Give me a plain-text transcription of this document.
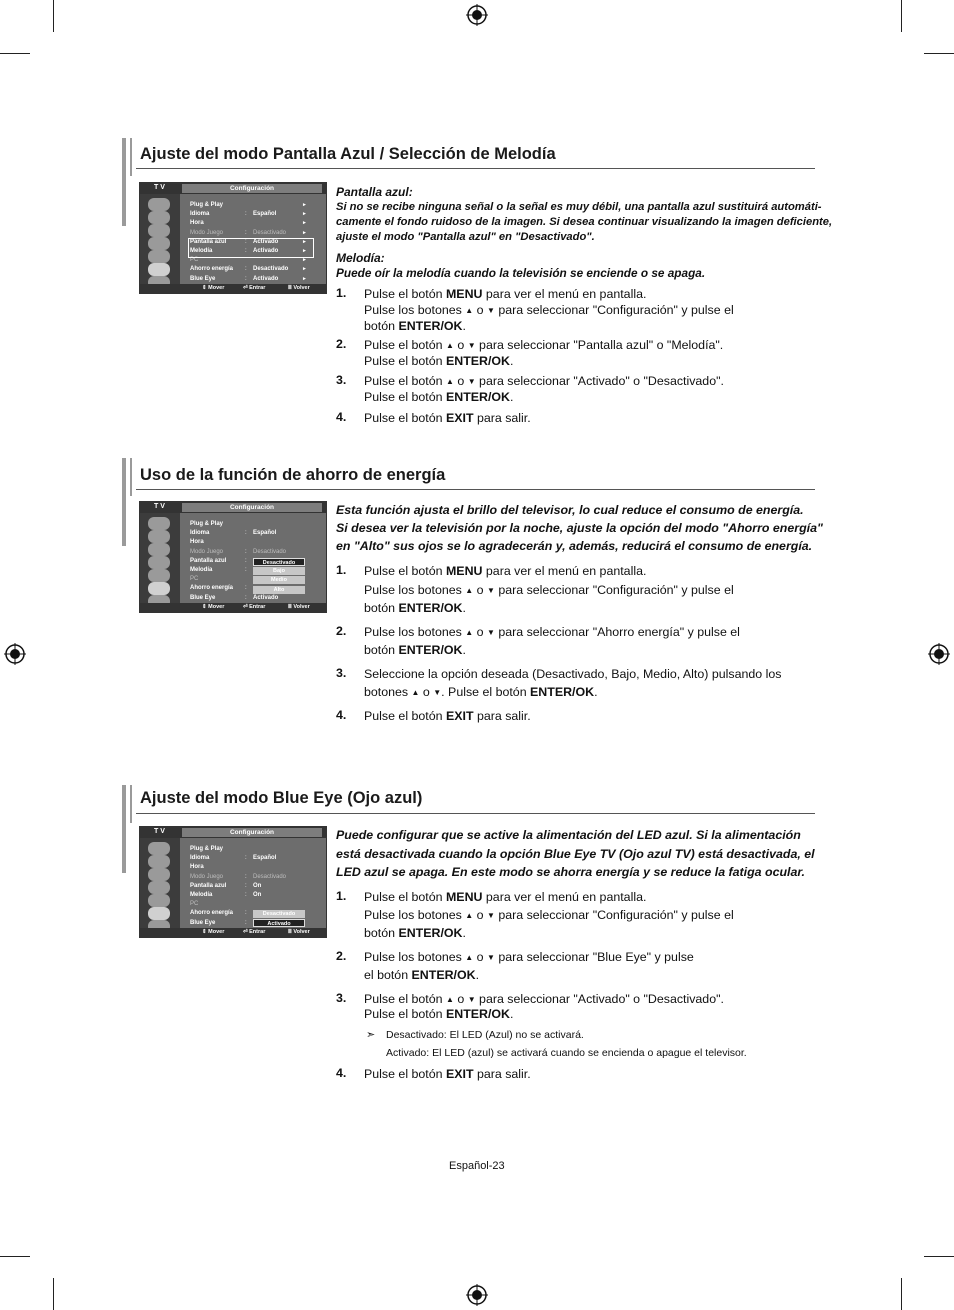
Ajuste del modo Pantalla Azul / Selección de Melodía
T V	Configuración
Plug & Play	►
Idioma	: Español	►
Hora	►
Modo Juego	: Desactivado	►
Pantalla azul	: Activado	►
Melodía	: Activado	►
PC	►
Ahorro energía : Desactivado	►
Blue Eye	: Activado	►
⇕ Mover	⏎ Entrar	Ⅲ Volver
Pantalla azul:
Si no se recibe ninguna señal o la señal es muy débil, una pantalla azul sustituirá automáti-
camente el fondo ruidoso de la imagen. Si desea continuar visualizando la imagen deficiente,
ajuste el modo "Pantalla azul" en "Desactivado".
Melodía:
Puede oír la melodía cuando la televisión se enciende o se apaga.
Uso de la función de ahorro de energía
T V	Configuración
Plug & Play
Idioma	: Español
Hora
Modo Juego	: Desactivado
Pantalla azul	:
Melodía	:
PC
Ahorro energía :
Blue Eye	: Activado
Desactivado
Bajo
Medio
Alto
⇕ Mover	⏎ Entrar	Ⅲ Volver
Esta función ajusta el brillo del televisor, lo cual reduce el consumo de energía.
Si desea ver la televisión por la noche, ajuste la opción del modo "Ahorro energía"
en "Alto" sus ojos se lo agradecerán y, además, reducirá el consumo de energía.
Ajuste del modo Blue Eye (Ojo azul)
T V	Configuración
Plug & Play
Idioma	: Español
Hora
Modo Juego	: Desactivado
Pantalla azul	: On
Melodía	: On
PC
Ahorro energía :
Blue Eye	:
Desactivado
Activado
⇕ Mover	⏎ Entrar	Ⅲ Volver
Puede configurar que se active la alimentación del LED azul. Si la alimentación
está desactivada cuando la opción Blue Eye TV (Ojo azul TV) está desactivada, el
LED azul se apaga. En este modo se ahorra energía y se reduce la fatiga ocular.
➣ Desactivado: El LED (Azul) no se activará.
Activado: El LED (azul) se activará cuando se encienda o apague el televisor.
Español-23
1. Pulse el botón MENU para ver el menú en pantalla.
Pulse los botones ▲ o ▼ para seleccionar "Configuración" y pulse el
botón ENTER/OK.
2. Pulse el botón ▲ o ▼ para seleccionar "Pantalla azul" o "Melodía".
Pulse el botón ENTER/OK.
3. Pulse el botón ▲ o ▼ para seleccionar "Activado" o "Desactivado".
Pulse el botón ENTER/OK.
4. Pulse el botón EXIT para salir.
1. Pulse el botón MENU para ver el menú en pantalla.
Pulse los botones ▲ o ▼ para seleccionar "Configuración" y pulse el
botón ENTER/OK.
2. Pulse los botones ▲ o ▼ para seleccionar "Ahorro energía" y pulse el
botón ENTER/OK.
3. Seleccione la opción deseada (Desactivado, Bajo, Medio, Alto) pulsando los
botones ▲ o ▼. Pulse el botón ENTER/OK.
4. Pulse el botón EXIT para salir.
1. Pulse el botón MENU para ver el menú en pantalla.
Pulse los botones ▲ o ▼ para seleccionar "Configuración" y pulse el
botón ENTER/OK.
2. Pulse los botones ▲ o ▼ para seleccionar "Blue Eye" y pulse
el botón ENTER/OK.
3. Pulse el botón ▲ o ▼ para seleccionar "Activado" o "Desactivado".
Pulse el botón ENTER/OK.
4. Pulse el botón EXIT para salir.
